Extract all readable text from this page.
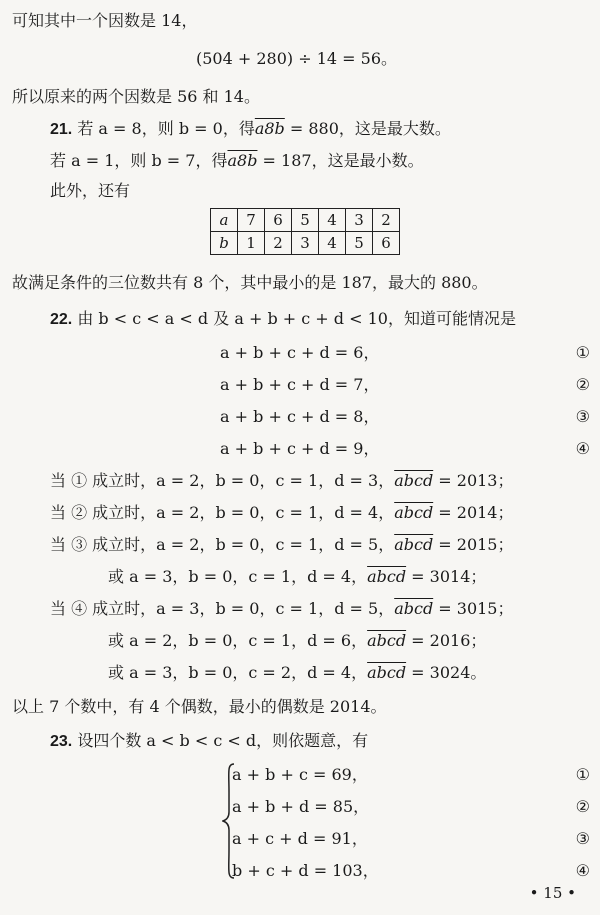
可知其中一个因数是 14，
(504 + 280) ÷ 14 = 56。
所以原来的两个因数是 56 和 14。
21. 若 a = 8，则 b = 0，得a8b = 880，这是最大数。
若 a = 1，则 b = 7，得a8b = 187，这是最小数。
此外，还有
a	7	6	5	4	3	2
b	1	2	3	4	5	6
故满足条件的三位数共有 8 个，其中最小的是 187，最大的 880。
22. 由 b < c < a < d 及 a + b + c + d < 10，知道可能情况是
a + b + c + d = 6，	①
a + b + c + d = 7，	②
a + b + c + d = 8，	③
a + b + c + d = 9，	④
当 ① 成立时，a = 2，b = 0，c = 1，d = 3，abcd = 2013；
当 ② 成立时，a = 2，b = 0，c = 1，d = 4，abcd = 2014；
当 ③ 成立时，a = 2，b = 0，c = 1，d = 5，abcd = 2015；
或 a = 3，b = 0，c = 1，d = 4，abcd = 3014；
当 ④ 成立时，a = 3，b = 0，c = 1，d = 5，abcd = 3015；
或 a = 2，b = 0，c = 1，d = 6，abcd = 2016；
或 a = 3，b = 0，c = 2，d = 4，abcd = 3024。
以上 7 个数中，有 4 个偶数，最小的偶数是 2014。
23. 设四个数 a < b < c < d，则依题意，有
a + b + c = 69，	①
a + b + d = 85，	②
a + c + d = 91，	③
b + c + d = 103，	④
• 15 •
